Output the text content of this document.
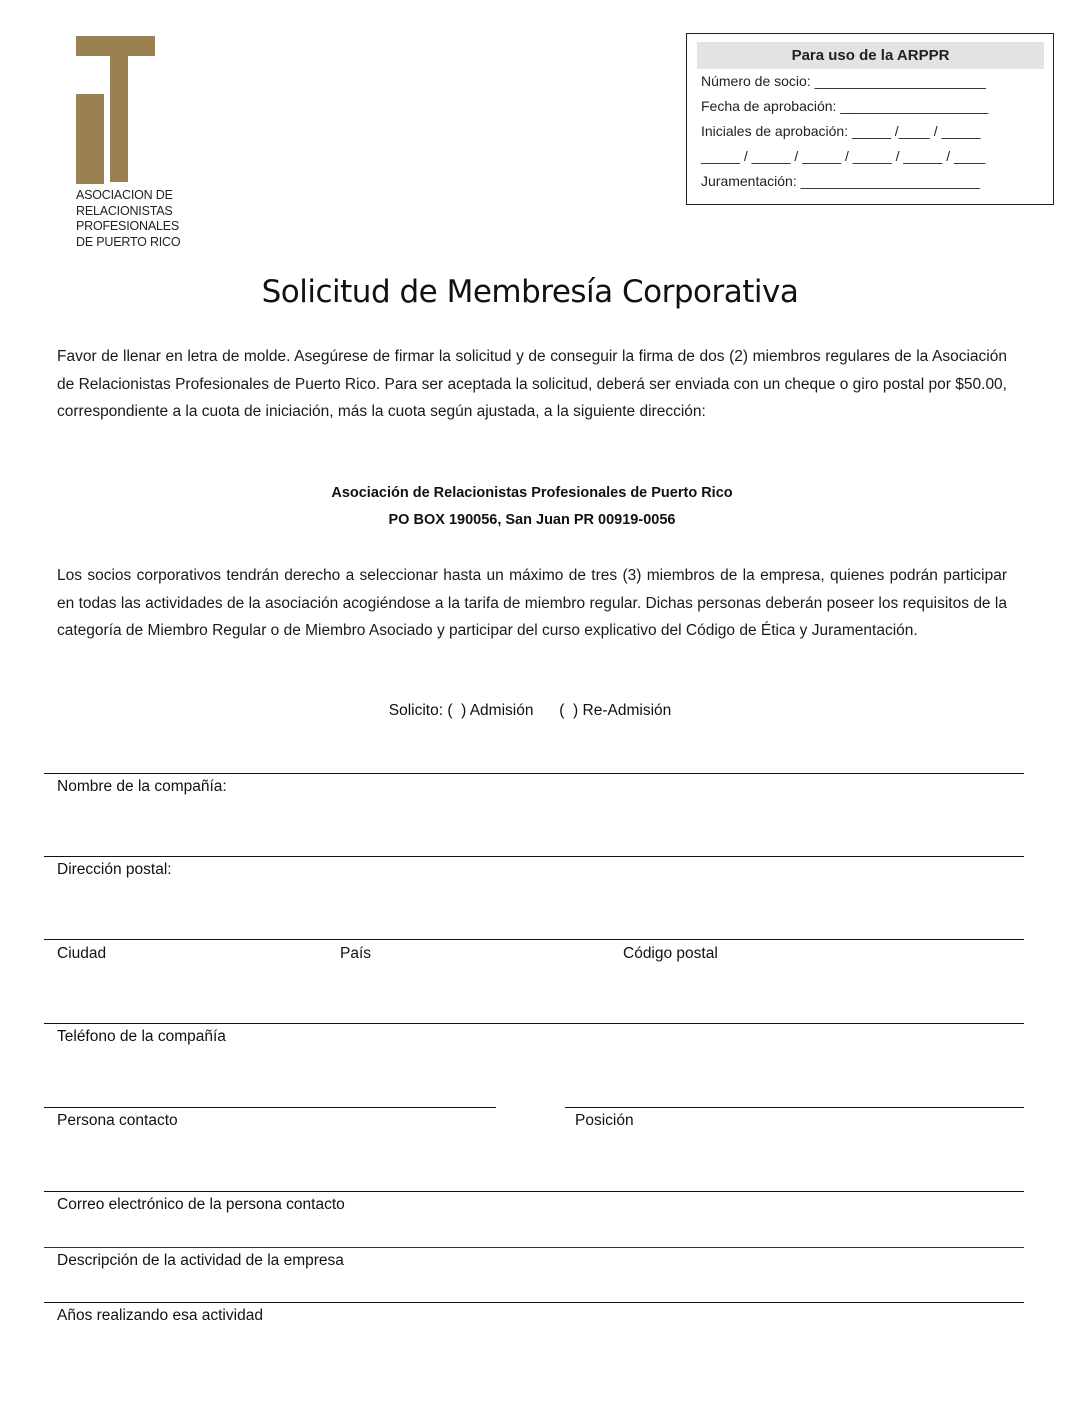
ASOCIACION DE
RELACIONISTAS
PROFESIONALES
DE PUERTO RICO
Para uso de la ARPPR
Número de socio: ______________________
Fecha de aprobación: ___________________
Iniciales de aprobación: _____ /____ / _____
_____ / _____ / _____ / _____ / _____ / ____
Juramentación: _______________________
Solicitud de Membresía Corporativa
Favor de llenar en letra de molde. Asegúrese de firmar la solicitud y de conseguir la firma de dos (2) miembros regulares de la Asociación de Relacionistas Profesionales de Puerto Rico. Para ser aceptada la solicitud, deberá ser enviada con un cheque o giro postal por $50.00, correspondiente a la cuota de iniciación, más la cuota según ajustada, a la siguiente dirección:
Asociación de Relacionistas Profesionales de Puerto Rico
PO BOX 190056, San Juan PR 00919-0056
Los socios corporativos tendrán derecho a seleccionar hasta un máximo de tres (3) miembros de la empresa, quienes podrán participar en todas las actividades de la asociación acogiéndose a la tarifa de miembro regular. Dichas personas deberán poseer los requisitos de la categoría de Miembro Regular o de Miembro Asociado y participar del curso explicativo del Código de Ética y Juramentación.
Solicito: (  ) Admisión      (  ) Re-Admisión
Nombre de la compañía:
Dirección postal:
Ciudad	País	Código postal
Teléfono de la compañía
Persona contacto	Posición
Correo electrónico de la persona contacto
Descripción de la actividad de la empresa
Años realizando esa actividad
